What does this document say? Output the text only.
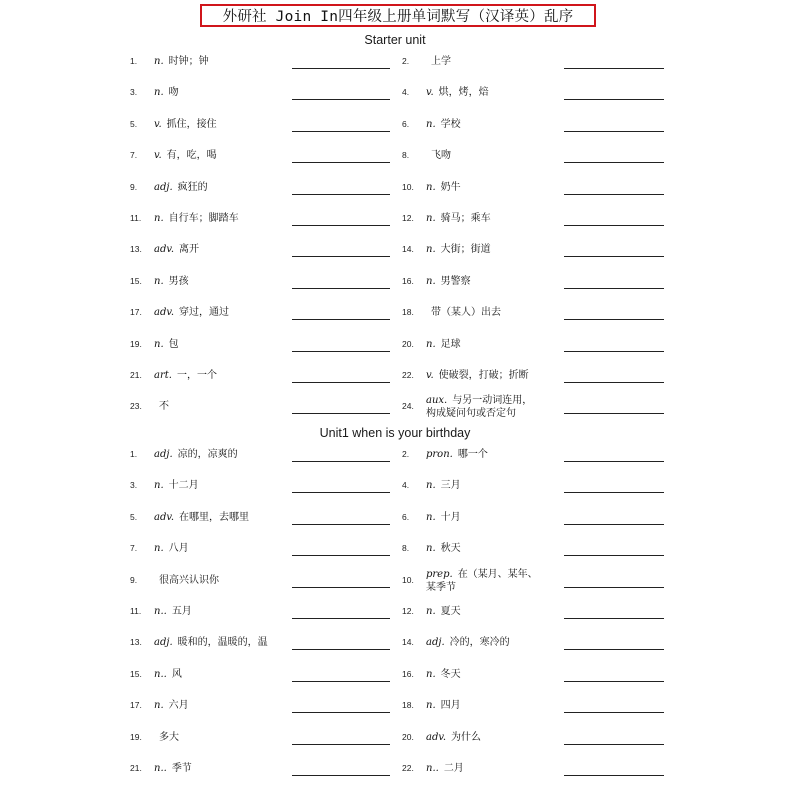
外研社 Join In四年级上册单词默写（汉译英）乱序
Starter unit
1. n. 时钟；钟	2.	上学
3. n. 吻	4. v. 烘，烤，焙
5. v. 抓住，接住	6. n. 学校
7. v. 有，吃，喝	8.	飞吻
9. adj. 疯狂的	10. n. 奶牛
11. n. 自行车；脚踏车	12. n. 骑马；乘车
13. adv. 离开	14. n. 大街；街道
15. n. 男孩	16. n. 男警察
17. adv. 穿过，通过	18.	带（某人）出去
19. n. 包	20. n. 足球
21. art. 一，一个	22. v. 使破裂，打破；折断
23.	不	24. aux. 与另一动词连用，
构成疑问句或否定句
Unit1 when is your birthday
1. adj. 凉的，凉爽的	2. pron. 哪一个
3. n. 十二月	4. n. 三月
5. adv. 在哪里，去哪里	6. n. 十月
7. n. 八月	8. n. 秋天
9.	很高兴认识你	10. prep. 在（某月、某年、
某季节
11. n.. 五月	12. n. 夏天
13. adj. 暖和的，温暖的，温	14. adj. 冷的，寒冷的
15. n.. 风	16. n. 冬天
17. n. 六月	18. n. 四月
19.	多大	20. adv. 为什么
21. n.. 季节	22. n.. 二月
